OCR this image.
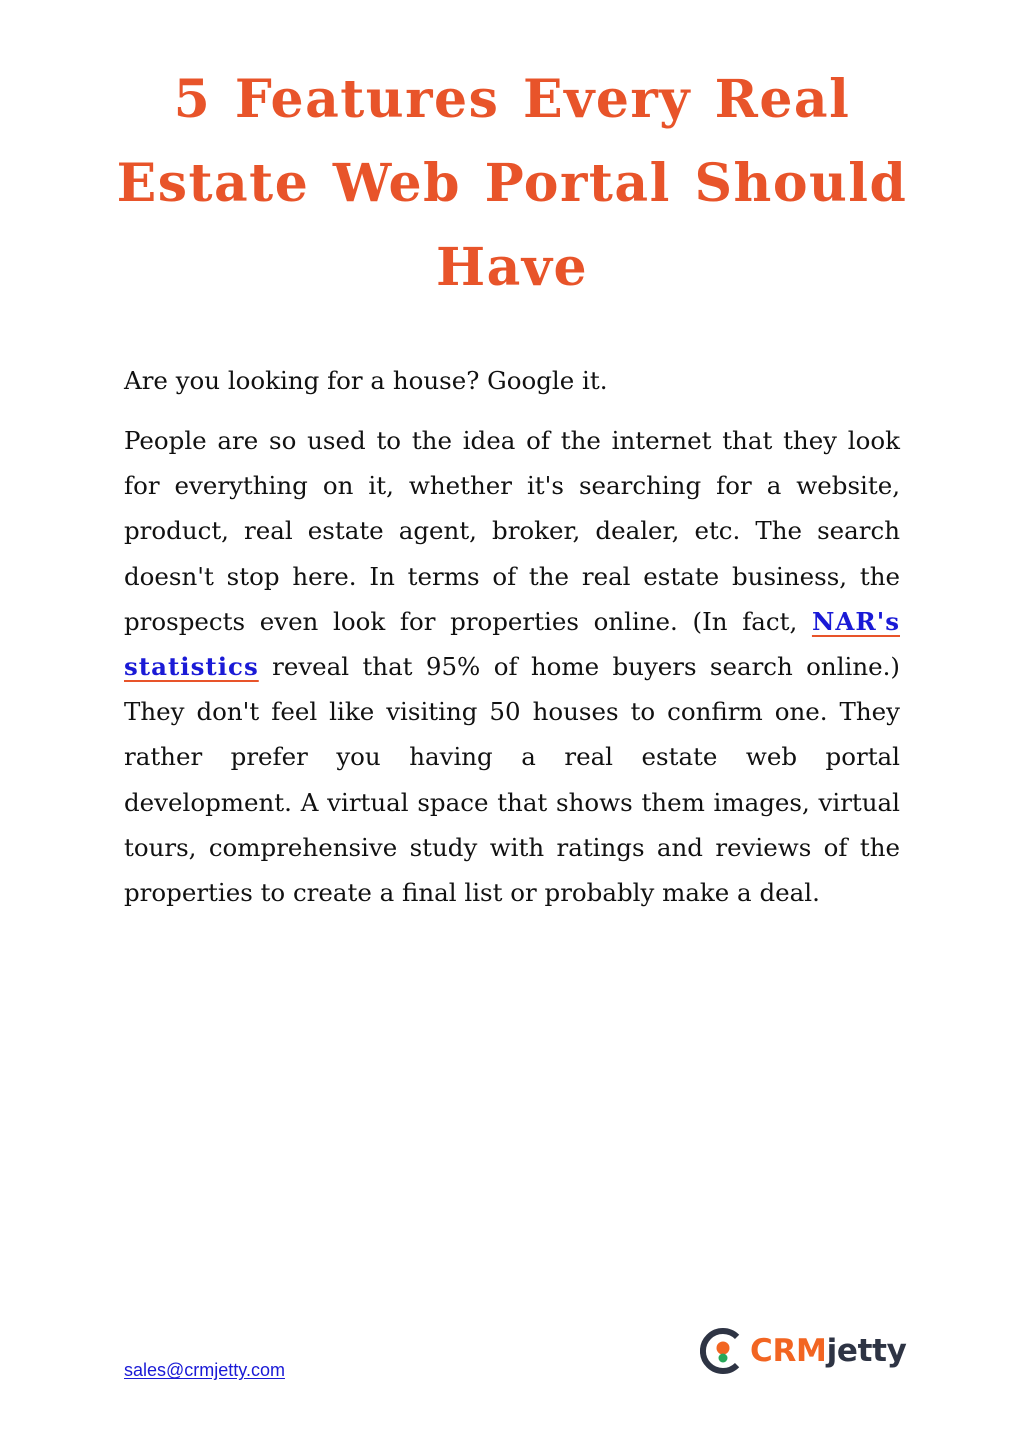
5 Features Every Real
Estate Web Portal Should
Have

Are you looking for a house? Google it.

People are so used to the idea of the internet that they look for everything on it, whether it's searching for a website, product, real estate agent, broker, dealer, etc. The search doesn't stop here. In terms of the real estate business, the prospects even look for properties online. (In fact, NAR's statistics reveal that 95% of home buyers search online.) They don't feel like visiting 50 houses to confirm one. They rather prefer you having a real estate web portal development. A virtual space that shows them images, virtual tours, comprehensive study with ratings and reviews of the properties to create a final list or probably make a deal.

sales@crmjetty.com
CRMjetty
